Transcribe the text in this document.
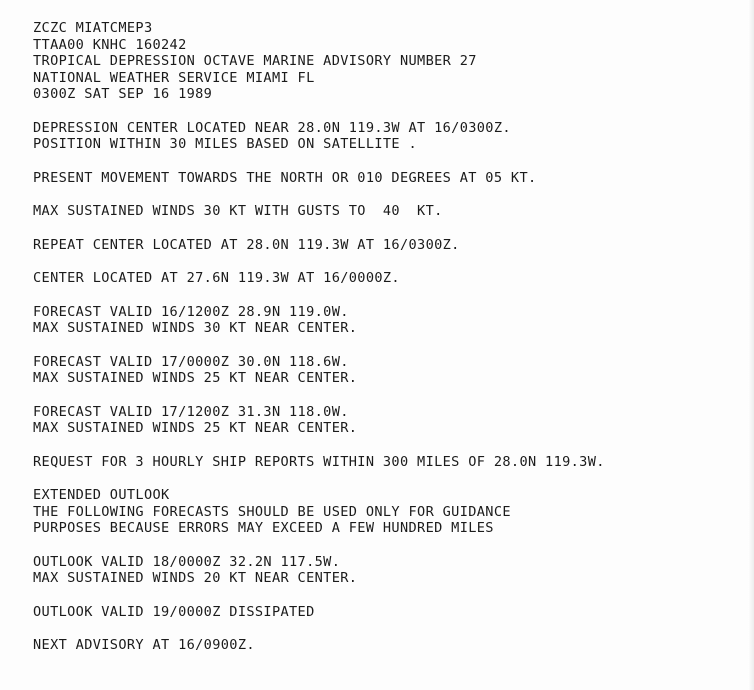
ZCZC MIATCMEP3
TTAA00 KNHC 160242
TROPICAL DEPRESSION OCTAVE MARINE ADVISORY NUMBER 27
NATIONAL WEATHER SERVICE MIAMI FL
0300Z SAT SEP 16 1989
DEPRESSION CENTER LOCATED NEAR 28.0N 119.3W AT 16/0300Z.
POSITION WITHIN 30 MILES BASED ON SATELLITE .
PRESENT MOVEMENT TOWARDS THE NORTH OR 010 DEGREES AT 05 KT.
MAX SUSTAINED WINDS 30 KT WITH GUSTS TO  40  KT.
REPEAT CENTER LOCATED AT 28.0N 119.3W AT 16/0300Z.
CENTER LOCATED AT 27.6N 119.3W AT 16/0000Z.
FORECAST VALID 16/1200Z 28.9N 119.0W.
MAX SUSTAINED WINDS 30 KT NEAR CENTER.
FORECAST VALID 17/0000Z 30.0N 118.6W.
MAX SUSTAINED WINDS 25 KT NEAR CENTER.
FORECAST VALID 17/1200Z 31.3N 118.0W.
MAX SUSTAINED WINDS 25 KT NEAR CENTER.
REQUEST FOR 3 HOURLY SHIP REPORTS WITHIN 300 MILES OF 28.0N 119.3W.
EXTENDED OUTLOOK
THE FOLLOWING FORECASTS SHOULD BE USED ONLY FOR GUIDANCE
PURPOSES BECAUSE ERRORS MAY EXCEED A FEW HUNDRED MILES
OUTLOOK VALID 18/0000Z 32.2N 117.5W.
MAX SUSTAINED WINDS 20 KT NEAR CENTER.
OUTLOOK VALID 19/0000Z DISSIPATED
NEXT ADVISORY AT 16/0900Z.
